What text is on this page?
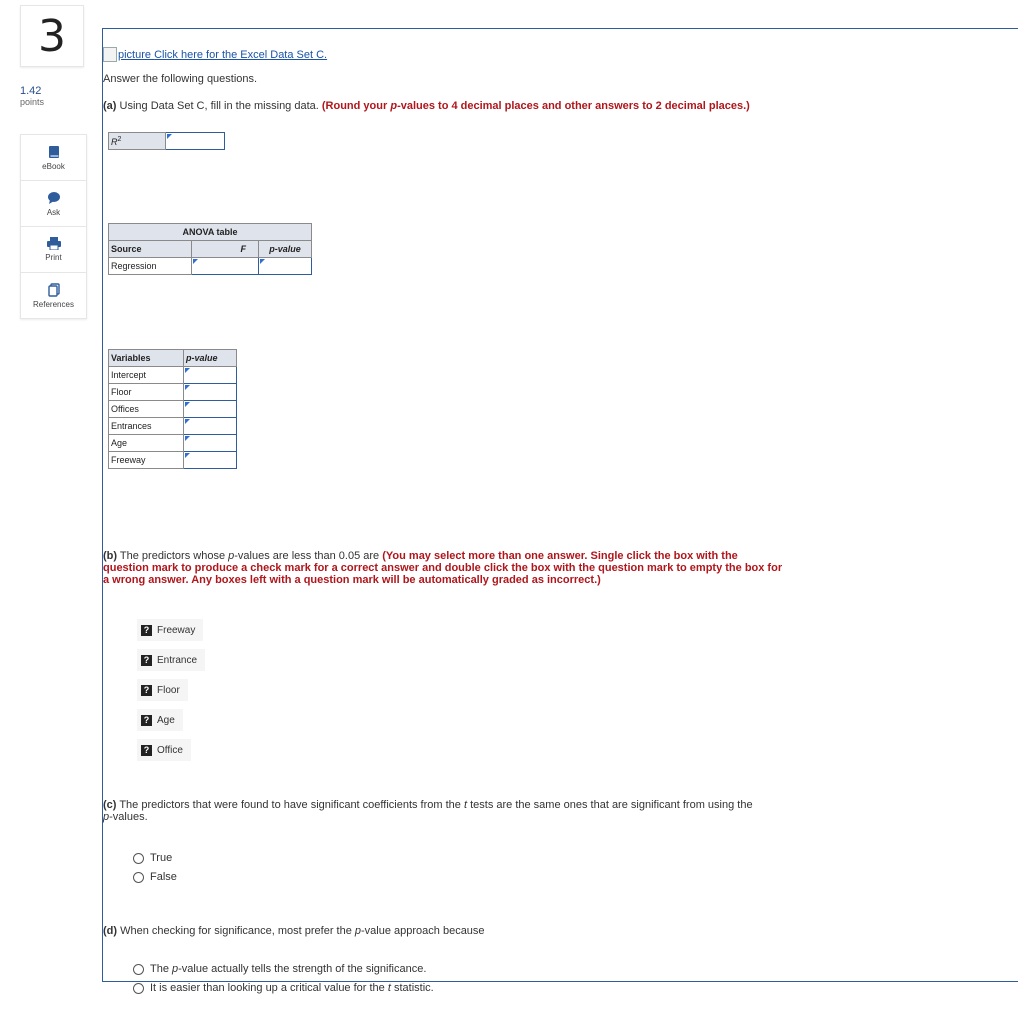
3
1.42
points
eBook
Ask
Print
References
picture Click here for the Excel Data Set C.
Answer the following questions.
(a) Using Data Set C, fill in the missing data. (Round your p-values to 4 decimal places and other answers to 2 decimal places.)
$R^2$	
ANOVA table		
Source	F	p-value
Regression		
Variables	p-value
Intercept	
Floor	
Offices	
Entrances	
Age	
Freeway	
(b) The predictors whose p-values are less than 0.05 are (You may select more than one answer. Single click the box with the
question mark to produce a check mark for a correct answer and double click the box with the question mark to empty the box for
a wrong answer. Any boxes left with a question mark will be automatically graded as incorrect.)
? Freeway
? Entrance
? Floor
? Age
? Office
(c) The predictors that were found to have significant coefficients from the t tests are the same ones that are significant from using the
p-values.
True
False
(d) When checking for significance, most prefer the p-value approach because
The p-value actually tells the strength of the significance.
It is easier than looking up a critical value for the t statistic.
